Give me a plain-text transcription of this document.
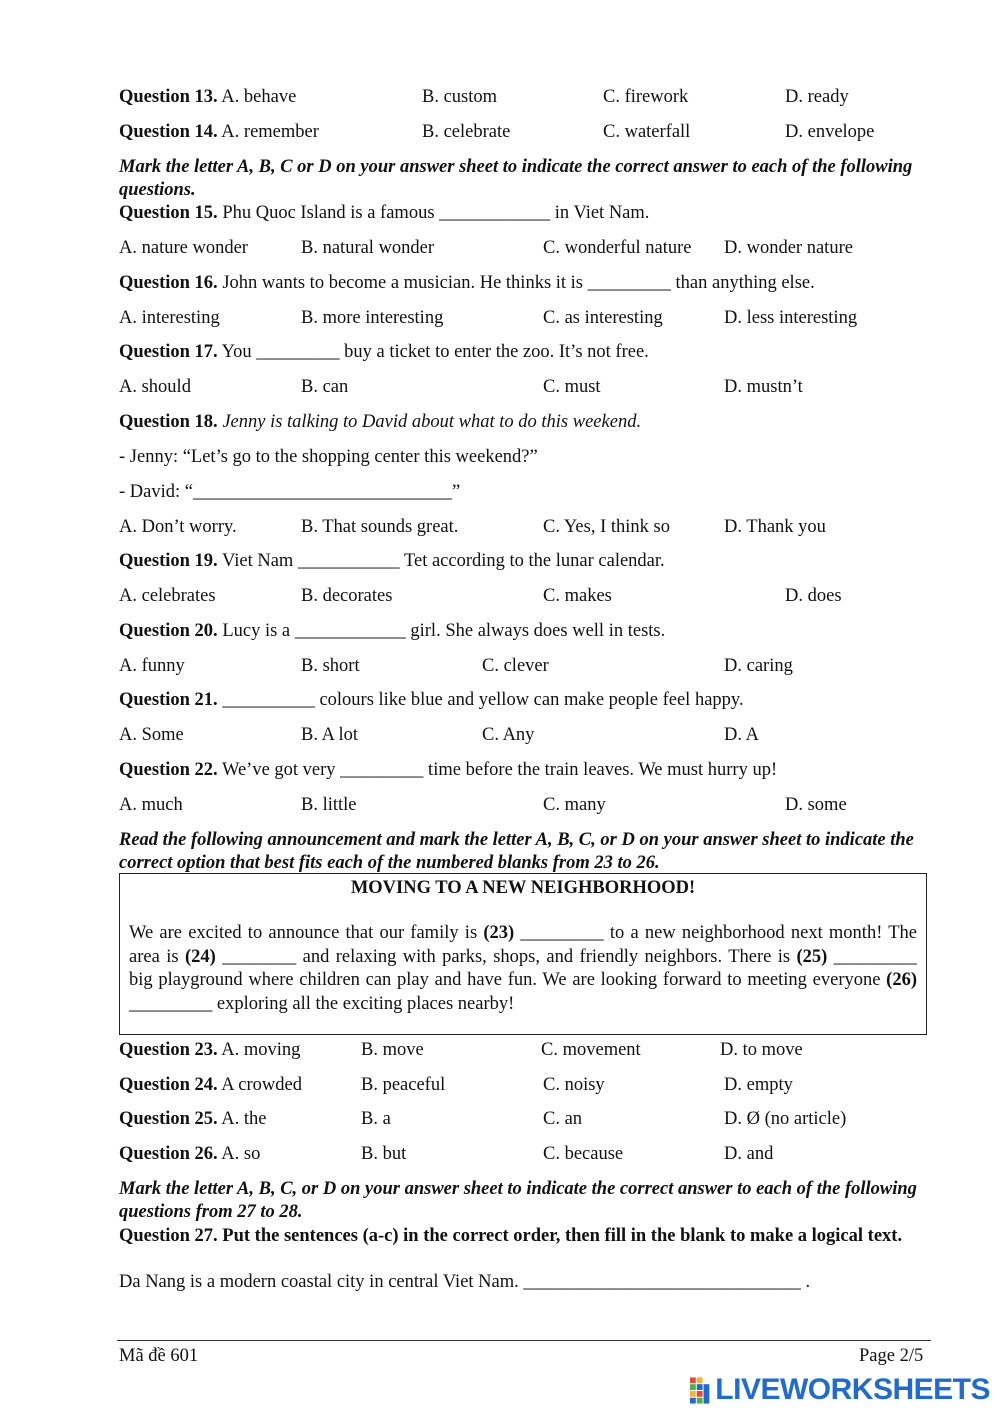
Question 13. A. behave	B. custom	C. firework	D. ready
Question 14. A. remember	B. celebrate	C. waterfall	D. envelope
Mark the letter A, B, C or D on your answer sheet to indicate the correct answer to each of the following questions.
Question 15. Phu Quoc Island is a famous ____________ in Viet Nam.
A. nature wonder	B. natural wonder	C. wonderful nature D. wonder nature
Question 16. John wants to become a musician. He thinks it is _________ than anything else.
A. interesting	B. more interesting	C. as interesting	D. less interesting
Question 17. You _________ buy a ticket to enter the zoo. It’s not free.
A. should	B. can	C. must	D. mustn’t
Question 18. Jenny is talking to David about what to do this weekend.
- Jenny: “Let’s go to the shopping center this weekend?”
- David: “____________________________”
A. Don’t worry.	B. That sounds great.	C. Yes, I think so	D. Thank you
Question 19. Viet Nam ___________ Tet according to the lunar calendar.
A. celebrates	B. decorates	C. makes	D. does
Question 20. Lucy is a ____________ girl. She always does well in tests.
A. funny	B. short	C. clever	D. caring
Question 21. __________ colours like blue and yellow can make people feel happy.
A. Some	B. A lot	C. Any	D. A
Question 22. We’ve got very _________ time before the train leaves. We must hurry up!
A. much	B. little	C. many	D. some
Read the following announcement and mark the letter A, B, C, or D on your answer sheet to indicate the correct option that best fits each of the numbered blanks from 23 to 26.
MOVING TO A NEW NEIGHBORHOOD!
We are excited to announce that our family is (23) _________ to a new neighborhood next month! The area is (24) ________ and relaxing with parks, shops, and friendly neighbors. There is (25) _________ big playground where children can play and have fun. We are looking forward to meeting everyone (26) _________ exploring all the exciting places nearby!
Question 23. A. moving	B. move	C. movement	D. to move
Question 24. A crowded	B. peaceful	C. noisy	D. empty
Question 25. A. the	B. a	C. an	D. Ø (no article)
Question 26. A. so	B. but	C. because	D. and
Mark the letter A, B, C, or D on your answer sheet to indicate the correct answer to each of the following questions from 27 to 28.
Question 27. Put the sentences (a-c) in the correct order, then fill in the blank to make a logical text.
Da Nang is a modern coastal city in central Viet Nam. ______________________________ .
Mã đề 601	Page 2/5
LIVEWORKSHEETS
